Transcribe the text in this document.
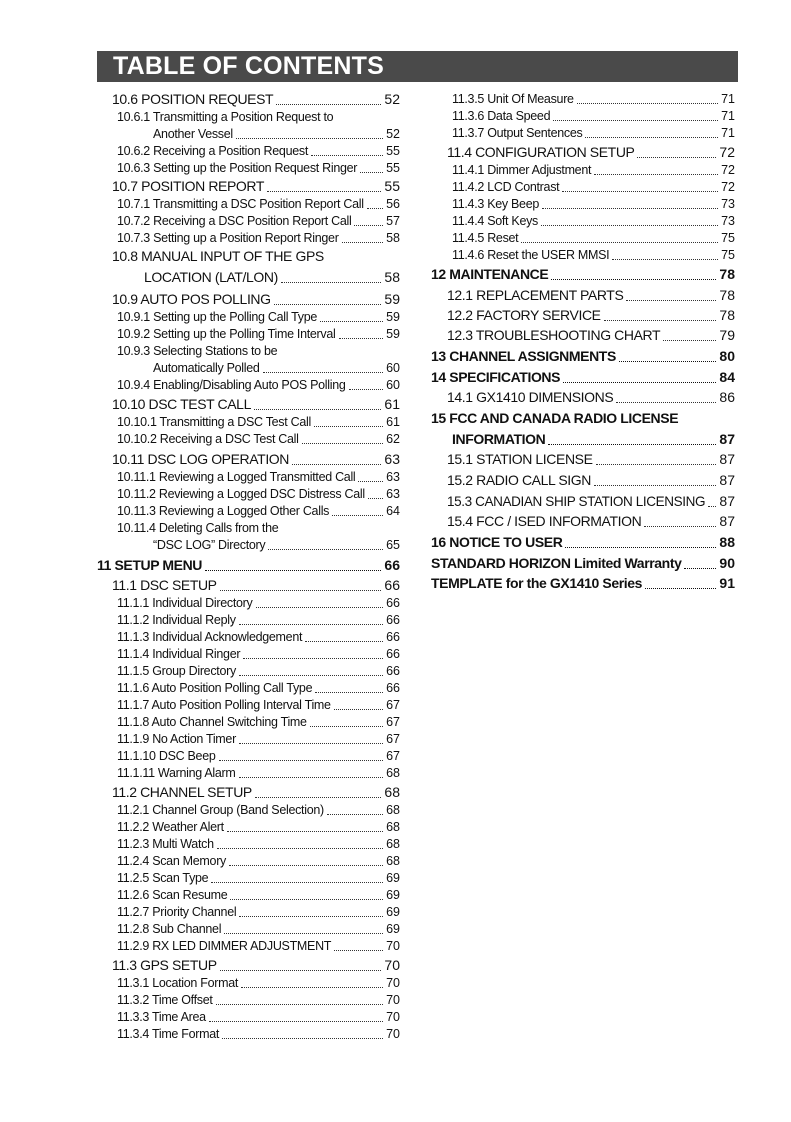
TABLE OF CONTENTS
10.6 POSITION REQUEST	52
10.6.1 Transmitting a Position Request to
Another Vessel	52
10.6.2 Receiving a Position Request	55
10.6.3 Setting up the Position Request Ringer 55
10.7 POSITION REPORT	55
10.7.1 Transmitting a DSC Position Report Call 56
10.7.2 Receiving a DSC Position Report Call	57
10.7.3 Setting up a Position Report Ringer	58
10.8 MANUAL INPUT OF THE GPS
LOCATION (LAT/LON)	58
10.9 AUTO POS POLLING	59
10.9.1 Setting up the Polling Call Type	59
10.9.2 Setting up the Polling Time Interval	59
10.9.3 Selecting Stations to be
Automatically Polled	60
10.9.4 Enabling/Disabling Auto POS Polling	60
10.10 DSC TEST CALL	61
10.10.1 Transmitting a DSC Test Call	61
10.10.2 Receiving a DSC Test Call	62
10.11 DSC LOG OPERATION	63
10.11.1 Reviewing a Logged Transmitted Call 63
10.11.2 Reviewing a Logged DSC Distress Call 63
10.11.3 Reviewing a Logged Other Calls	64
10.11.4 Deleting Calls from the
“DSC LOG” Directory	65
11 SETUP MENU	66
11.1 DSC SETUP	66
11.1.1 Individual Directory	66
11.1.2 Individual Reply	66
11.1.3 Individual Acknowledgement	66
11.1.4 Individual Ringer	66
11.1.5 Group Directory	66
11.1.6 Auto Position Polling Call Type	66
11.1.7 Auto Position Polling Interval Time	67
11.1.8 Auto Channel Switching Time	67
11.1.9 No Action Timer	67
11.1.10 DSC Beep	67
11.1.11 Warning Alarm	68
11.2 CHANNEL SETUP	68
11.2.1 Channel Group (Band Selection)	68
11.2.2 Weather Alert	68
11.2.3 Multi Watch	68
11.2.4 Scan Memory	68
11.2.5 Scan Type	69
11.2.6 Scan Resume	69
11.2.7 Priority Channel	69
11.2.8 Sub Channel	69
11.2.9 RX LED DIMMER ADJUSTMENT	70
11.3 GPS SETUP	70
11.3.1 Location Format	70
11.3.2 Time Offset	70
11.3.3 Time Area	70
11.3.4 Time Format	70
11.3.5 Unit Of Measure	71
11.3.6 Data Speed	71
11.3.7 Output Sentences	71
11.4 CONFIGURATION SETUP	72
11.4.1 Dimmer Adjustment	72
11.4.2 LCD Contrast	72
11.4.3 Key Beep	73
11.4.4 Soft Keys	73
11.4.5 Reset	75
11.4.6 Reset the USER MMSI	75
12 MAINTENANCE	78
12.1 REPLACEMENT PARTS	78
12.2 FACTORY SERVICE	78
12.3 TROUBLESHOOTING CHART	79
13 CHANNEL ASSIGNMENTS	80
14 SPECIFICATIONS	84
14.1 GX1410 DIMENSIONS	86
15 FCC AND CANADA RADIO LICENSE
INFORMATION	87
15.1 STATION LICENSE	87
15.2 RADIO CALL SIGN	87
15.3 CANADIAN SHIP STATION LICENSING 87
15.4 FCC / ISED INFORMATION	87
16 NOTICE TO USER	88
STANDARD HORIZON Limited Warranty	90
TEMPLATE for the GX1410 Series	91
